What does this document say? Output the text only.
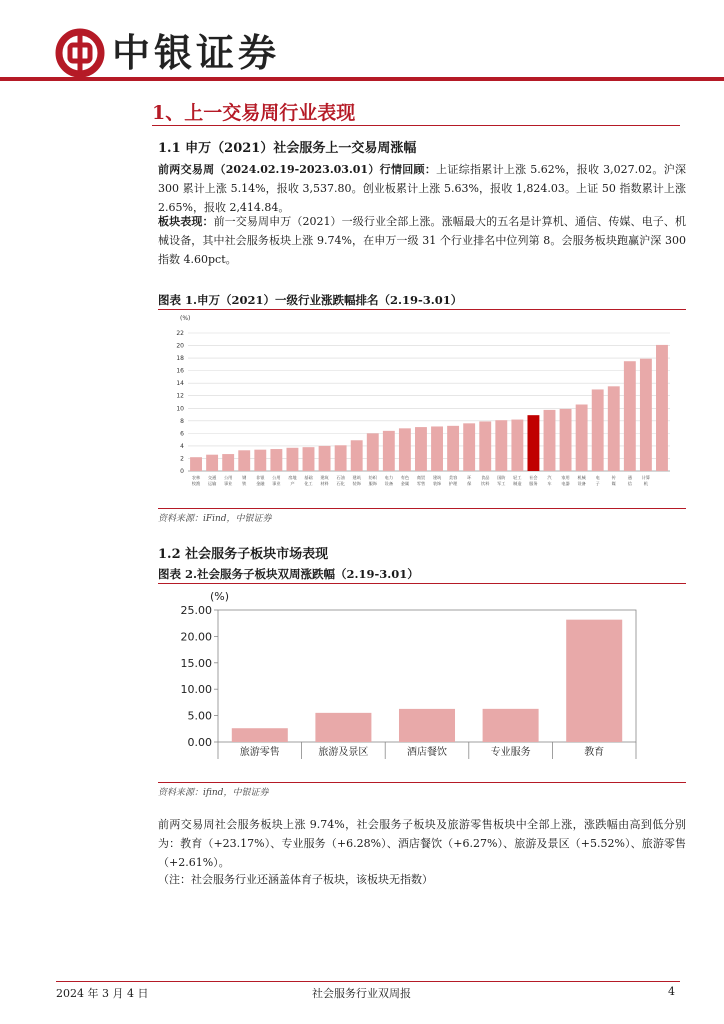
中银证券
1、上一交易周行业表现
1.1 申万（2021）社会服务上一交易周涨幅
前两交易周（2024.02.19-2023.03.01）行情回顾：上证综指累计上涨 5.62%，报收 3,027.02。沪深 300 累计上涨 5.14%，报收 3,537.80。创业板累计上涨 5.63%，报收 1,824.03。上证 50 指数累计上涨 2.65%，报收 2,414.84。
板块表现：前一交易周申万（2021）一级行业全部上涨。涨幅最大的五名是计算机、通信、传媒、电子、机械设备，其中社会服务板块上涨 9.74%，在申万一级 31 个行业排名中位列第 8。会服务板块跑赢沪深 300 指数 4.60pct。
图表 1.申万（2021）一级行业涨跌幅排名（2.19-3.01）
(%)
0
2
4
6
8
10
12
14
16
18
20
22
农林牧渔
交通运输
公用事业
钢铁
非银金融
公用事业
房地产
基础化工
建筑材料
石油石化
建筑装饰
纺织服饰
电力设备
有色金属
商贸零售
建筑装饰
美容护理
环保
食品饮料
国防军工
轻工制造
社会服务
汽车
家用电器
机械设备
电子
传媒
通信
计算机
资料来源：iFind，中银证券
1.2 社会服务子板块市场表现
图表 2.社会服务子板块双周涨跌幅（2.19-3.01）
(%)
0.00
5.00
10.00
15.00
20.00
25.00
旅游零售	旅游及景区	酒店餐饮	专业服务	教育
资料来源：ifind，中银证券
前两交易周社会服务板块上涨 9.74%，社会服务子板块及旅游零售板块中全部上涨，涨跌幅由高到低分别为：教育（+23.17%）、专业服务（+6.28%）、酒店餐饮（+6.27%）、旅游及景区（+5.52%）、旅游零售（+2.61%）。
（注：社会服务行业还涵盖体育子板块，该板块无指数）
2024 年 3 月 4 日	社会服务行业双周报	4
